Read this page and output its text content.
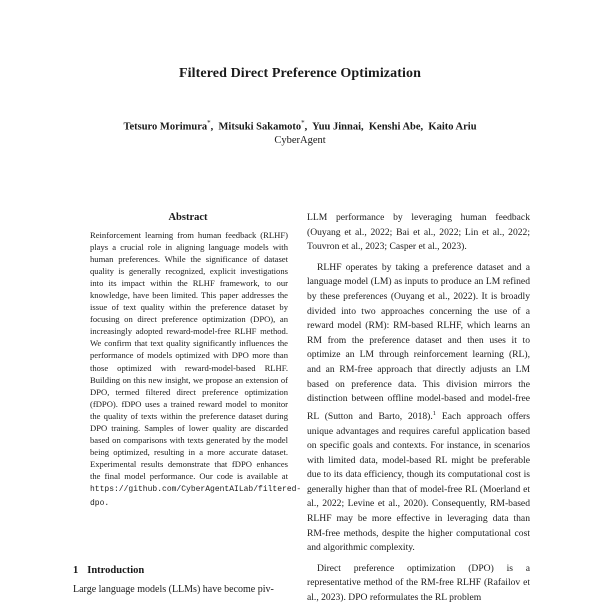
Filtered Direct Preference Optimization
Tetsuro Morimura*,  Mitsuki Sakamoto*,  Yuu Jinnai,  Kenshi Abe,  Kaito Ariu
CyberAgent
Abstract
Reinforcement learning from human feedback (RLHF) plays a crucial role in aligning language models with human preferences. While the significance of dataset quality is generally recognized, explicit investigations into its impact within the RLHF framework, to our knowledge, have been limited. This paper addresses the issue of text quality within the preference dataset by focusing on direct preference optimization (DPO), an increasingly adopted reward-model-free RLHF method. We confirm that text quality significantly influences the performance of models optimized with DPO more than those optimized with reward-model-based RLHF. Building on this new insight, we propose an extension of DPO, termed filtered direct preference optimization (fDPO). fDPO uses a trained reward model to monitor the quality of texts within the preference dataset during DPO training. Samples of lower quality are discarded based on comparisons with texts generated by the model being optimized, resulting in a more accurate dataset. Experimental results demonstrate that fDPO enhances the final model performance. Our code is available at https://github.com/CyberAgentAILab/filtered-dpo.
1 Introduction
Large language models (LLMs) have become piv-

LLM performance by leveraging human feedback (Ouyang et al., 2022; Bai et al., 2022; Lin et al., 2022; Touvron et al., 2023; Casper et al., 2023).

RLHF operates by taking a preference dataset and a language model (LM) as inputs to produce an LM refined by these preferences (Ouyang et al., 2022). It is broadly divided into two approaches concerning the use of a reward model (RM): RM-based RLHF, which learns an RM from the preference dataset and then uses it to optimize an LM through reinforcement learning (RL), and an RM-free approach that directly adjusts an LM based on preference data. This division mirrors the distinction between offline model-based and model-free RL (Sutton and Barto, 2018).$^1$ Each approach offers unique advantages and requires careful application based on specific goals and contexts. For instance, in scenarios with limited data, model-based RL might be preferable due to its data efficiency, though its computational cost is generally higher than that of model-free RL (Moerland et al., 2022; Levine et al., 2020). Consequently, RM-based RLHF may be more effective in leveraging data than RM-free methods, despite the higher computational cost and algorithmic complexity.

Direct preference optimization (DPO) is a representative method of the RM-free RLHF (Rafailov et al., 2023). DPO reformulates the RL problem
